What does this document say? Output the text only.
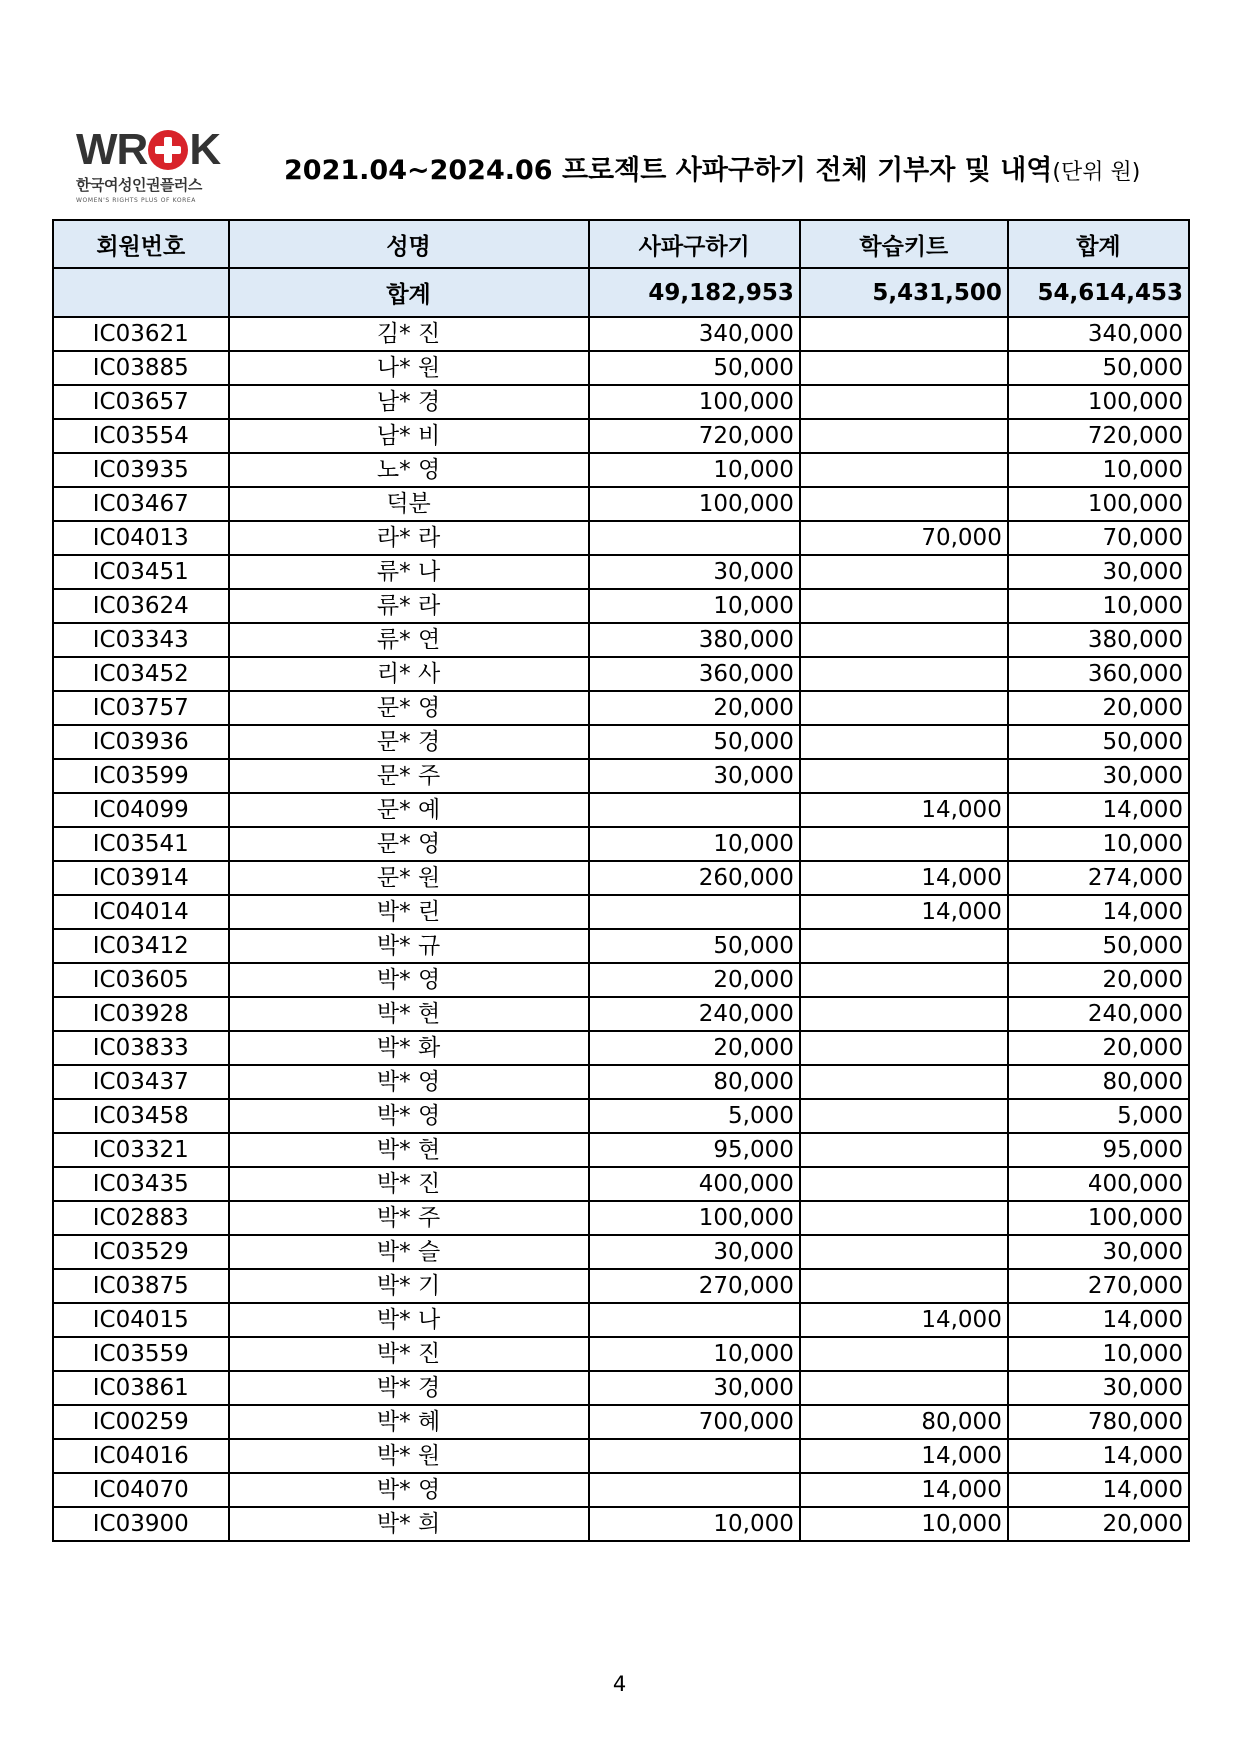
WR K
한국여성인권플러스
WOMEN'S RIGHTS PLUS OF KOREA
2021.04~2024.06 프로젝트 사파구하기 전체 기부자 및 내역(단위 원)
회원번호	성명	사파구하기	학습키트	합계
	합계	49,182,953	5,431,500	54,614,453
IC03621	김* 진	340,000		340,000
IC03885	나* 원	50,000		50,000
IC03657	남* 경	100,000		100,000
IC03554	남* 비	720,000		720,000
IC03935	노* 영	10,000		10,000
IC03467	덕분	100,000		100,000
IC04013	라* 라		70,000	70,000
IC03451	류* 나	30,000		30,000
IC03624	류* 라	10,000		10,000
IC03343	류* 연	380,000		380,000
IC03452	리* 사	360,000		360,000
IC03757	문* 영	20,000		20,000
IC03936	문* 경	50,000		50,000
IC03599	문* 주	30,000		30,000
IC04099	문* 예		14,000	14,000
IC03541	문* 영	10,000		10,000
IC03914	문* 원	260,000	14,000	274,000
IC04014	박* 린		14,000	14,000
IC03412	박* 규	50,000		50,000
IC03605	박* 영	20,000		20,000
IC03928	박* 현	240,000		240,000
IC03833	박* 화	20,000		20,000
IC03437	박* 영	80,000		80,000
IC03458	박* 영	5,000		5,000
IC03321	박* 현	95,000		95,000
IC03435	박* 진	400,000		400,000
IC02883	박* 주	100,000		100,000
IC03529	박* 슬	30,000		30,000
IC03875	박* 기	270,000		270,000
IC04015	박* 나		14,000	14,000
IC03559	박* 진	10,000		10,000
IC03861	박* 경	30,000		30,000
IC00259	박* 혜	700,000	80,000	780,000
IC04016	박* 원		14,000	14,000
IC04070	박* 영		14,000	14,000
IC03900	박* 희	10,000	10,000	20,000
4
